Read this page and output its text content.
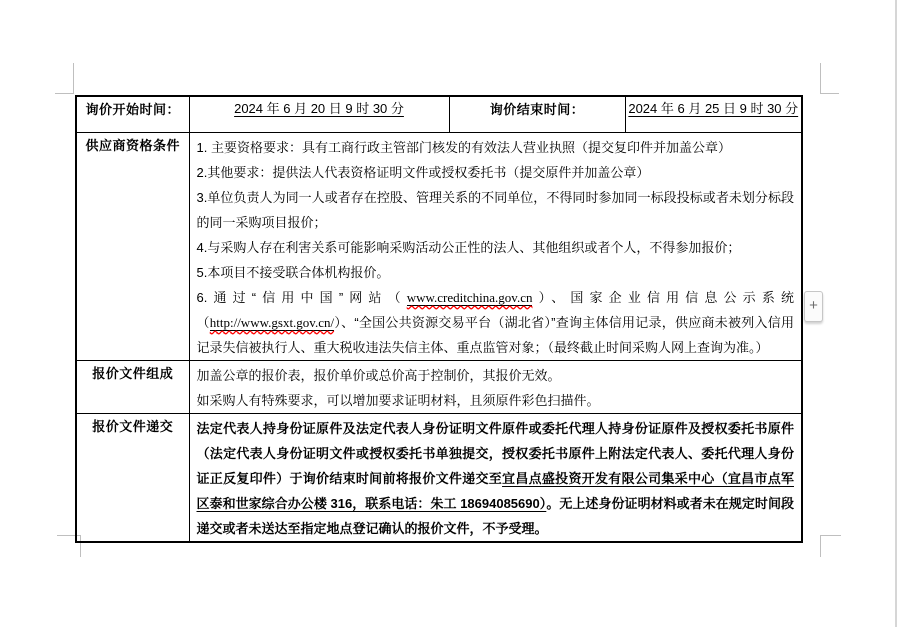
+
询价开始时间：	2024 年 6 月 20 日 9 时 30 分	询价结束时间：	2024 年 6 月 25 日 9 时 30 分
供应商资格条件	1. 主要资格要求：具有工商行政主管部门核发的有效法人营业执照（提交复印件并加盖公章）

2.其他要求：提供法人代表资格证明文件或授权委托书（提交原件并加盖公章）

3.单位负责人为同一人或者存在控股、管理关系的不同单位，不得同时参加同一标段投标或者未划分标段的同一采购项目报价；

4.与采购人存在利害关系可能影响采购活动公正性的法人、其他组织或者个人，不得参加报价；

5.本项目不接受联合体机构报价。

6.通过“信用中国”网站（www.creditchina.gov.cn）、国家企业信用信息公示系统（http://www.gsxt.gov.cn/）、“全国公共资源交易平台（湖北省）”查询主体信用记录，供应商未被列入信用记录失信被执行人、重大税收违法失信主体、重点监管对象；（最终截止时间采购人网上查询为准。）

报价文件组成	加盖公章的报价表，报价单价或总价高于控制价，其报价无效。

如采购人有特殊要求，可以增加要求证明材料，且须原件彩色扫描件。		

报价文件递交	法定代表人持身份证原件及法定代表人身份证明文件原件或委托代理人持身份证原件及授权委托书原件（法定代表人身份证明文件或授权委托书单独提交，授权委托书原件上附法定代表人、委托代理人身份证正反复印件）于询价结束时间前将报价文件递交至宜昌点盛投资开发有限公司集采中心（宜昌市点军区泰和世家综合办公楼 316，联系电话：朱工 18694085690）。无上述身份证明材料或者未在规定时间段递交或者未送达至指定地点登记确认的报价文件，不予受理。		
